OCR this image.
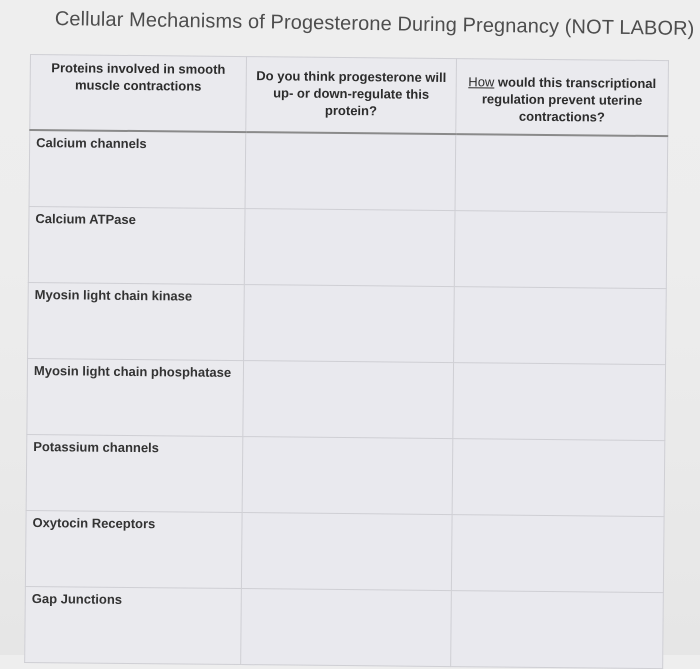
Cellular Mechanisms of Progesterone During Pregnancy (NOT LABOR)
Proteins involved in smooth muscle contractions	Do you think progesterone will up- or down-regulate this protein?	How would this transcriptional regulation prevent uterine contractions?
Calcium channels		
Calcium ATPase		
Myosin light chain kinase		
Myosin light chain phosphatase		
Potassium channels		
Oxytocin Receptors		
Gap Junctions		
